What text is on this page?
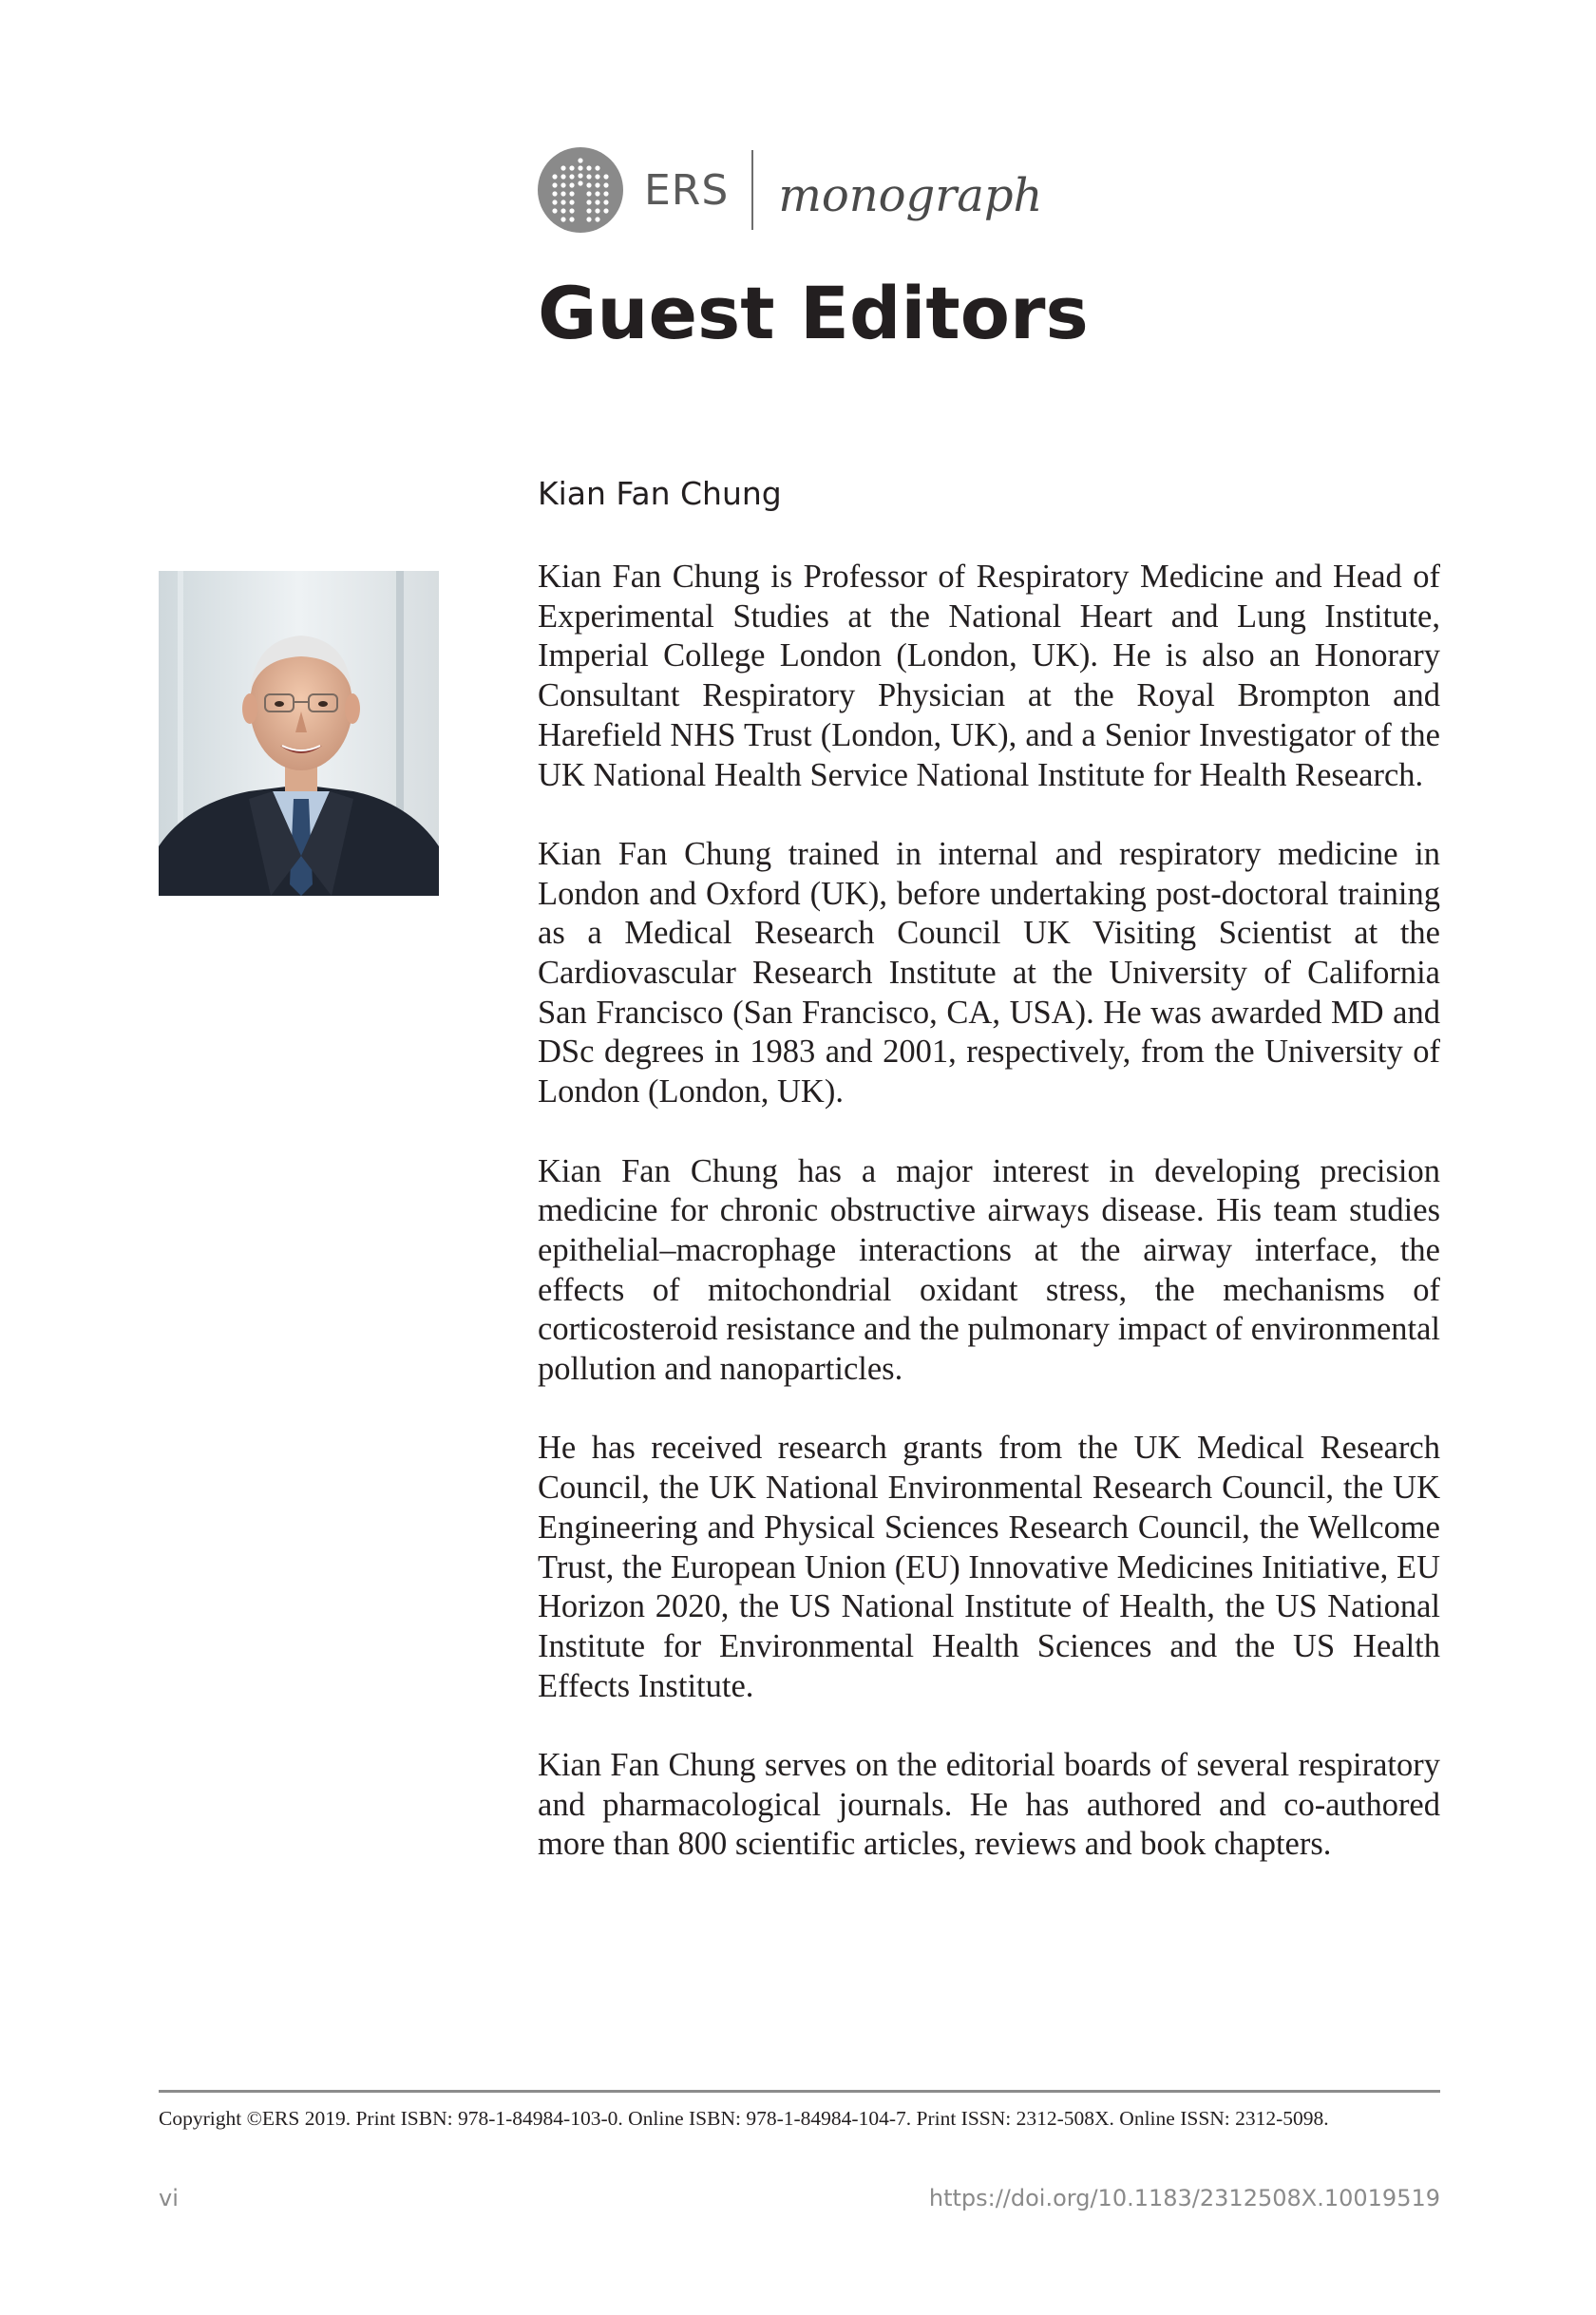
ERS monograph
Guest Editors
Kian Fan Chung

Kian Fan Chung is Professor of Respiratory Medicine and Head of Experimental Studies at the National Heart and Lung Institute, Imperial College London (London, UK). He is also an Honorary Consultant Respiratory Physician at the Royal Brompton and Harefield NHS Trust (London, UK), and a Senior Investigator of the UK National Health Service National Institute for Health Research.

Kian Fan Chung trained in internal and respiratory medicine in London and Oxford (UK), before undertaking post-doctoral training as a Medical Research Council UK Visiting Scientist at the Cardiovascular Research Institute at the University of California San Francisco (San Francisco, CA, USA). He was awarded MD and DSc degrees in 1983 and 2001, respectively, from the University of London (London, UK).

Kian Fan Chung has a major interest in developing precision medicine for chronic obstructive airways disease. His team studies epithelial–macrophage interactions at the airway interface, the effects of mitochondrial oxidant stress, the mechanisms of corticosteroid resistance and the pulmonary impact of environmental pollution and nanoparticles.

He has received research grants from the UK Medical Research Council, the UK National Environmental Research Council, the UK Engineering and Physical Sciences Research Council, the Wellcome Trust, the European Union (EU) Innovative Medicines Initiative, EU Horizon 2020, the US National Institute of Health, the US National Institute for Environmental Health Sciences and the US Health Effects Institute.

Kian Fan Chung serves on the editorial boards of several respiratory and pharmacological journals. He has authored and co-authored more than 800 scientific articles, reviews and book chapters.

Copyright ©ERS 2019. Print ISBN: 978-1-84984-103-0. Online ISBN: 978-1-84984-104-7. Print ISSN: 2312-508X. Online ISSN: 2312-5098.
vi	https://doi.org/10.1183/2312508X.10019519
